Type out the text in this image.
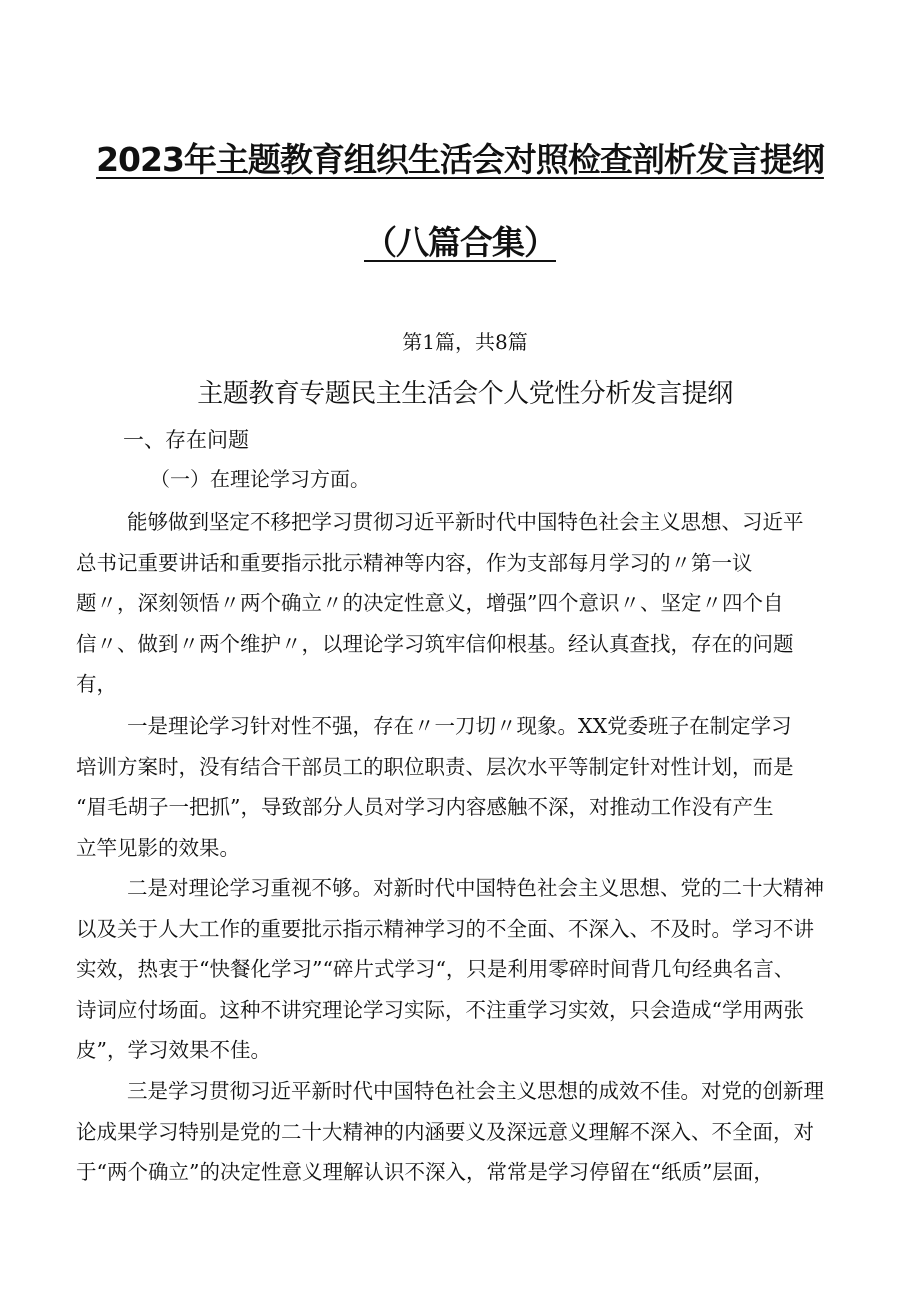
2023年主题教育组织生活会对照检查剖析发言提纲
（八篇合集）
第1篇，共8篇
主题教育专题民主生活会个人党性分析发言提纲
一、存在问题
（一）在理论学习方面。
能够做到坚定不移把学习贯彻习近平新时代中国特色社会主义思想、习近平
总书记重要讲话和重要指示批示精神等内容，作为支部每月学习的〃第一议
题〃，深刻领悟〃两个确立〃的决定性意义，增强”四个意识〃、坚定〃四个自
信〃、做到〃两个维护〃，以理论学习筑牢信仰根基。经认真查找，存在的问题
有，
一是理论学习针对性不强，存在〃一刀切〃现象。XX党委班子在制定学习
培训方案时，没有结合干部员工的职位职责、层次水平等制定针对性计划，而是
“眉毛胡子一把抓”，导致部分人员对学习内容感触不深，对推动工作没有产生
立竿见影的效果。
二是对理论学习重视不够。对新时代中国特色社会主义思想、党的二十大精神
以及关于人大工作的重要批示指示精神学习的不全面、不深入、不及时。学习不讲
实效，热衷于“快餐化学习”“碎片式学习“，只是利用零碎时间背几句经典名言、
诗词应付场面。这种不讲究理论学习实际，不注重学习实效，只会造成“学用两张
皮”，学习效果不佳。
三是学习贯彻习近平新时代中国特色社会主义思想的成效不佳。对党的创新理
论成果学习特别是党的二十大精神的内涵要义及深远意义理解不深入、不全面，对
于“两个确立”的决定性意义理解认识不深入，常常是学习停留在“纸质”层面，
